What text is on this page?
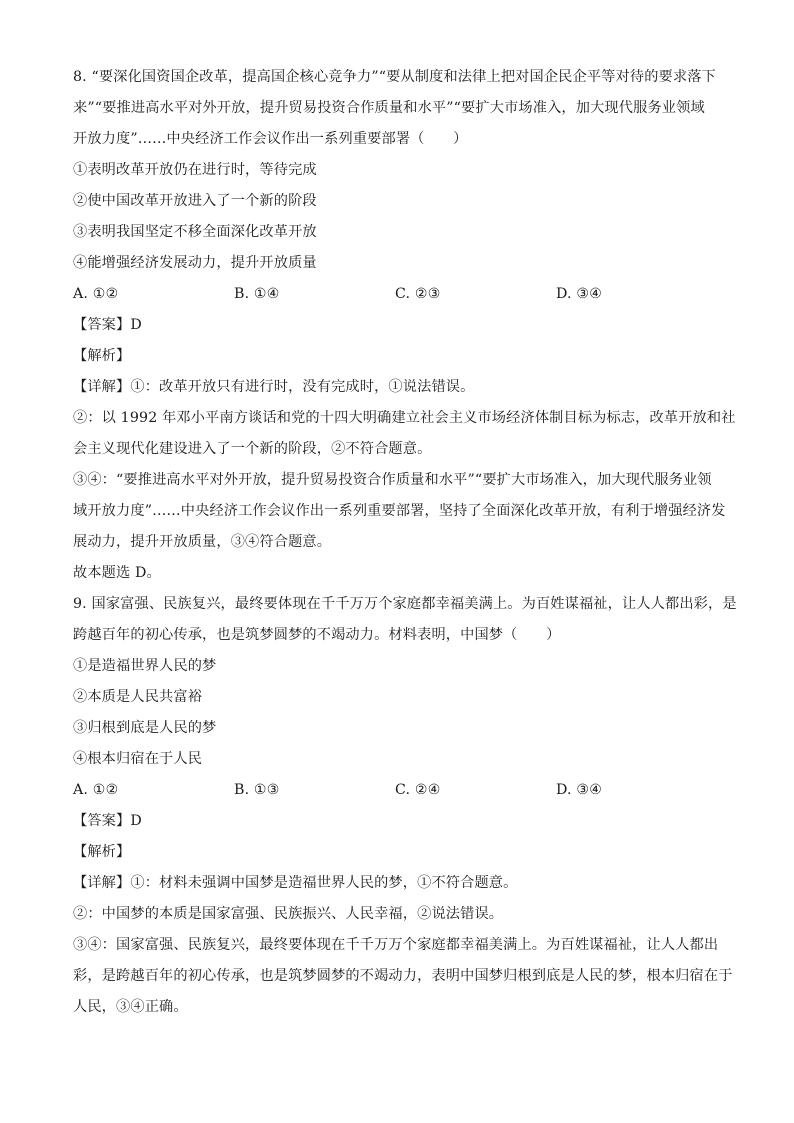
8. “要深化国资国企改革，提高国企核心竞争力”“要从制度和法律上把对国企民企平等对待的要求落下
来”“要推进高水平对外开放，提升贸易投资合作质量和水平”“要扩大市场准入，加大现代服务业领域
开放力度”……中央经济工作会议作出一系列重要部署（　　）
①表明改革开放仍在进行时，等待完成
②使中国改革开放进入了一个新的阶段
③表明我国坚定不移全面深化改革开放
④能增强经济发展动力，提升开放质量
A. ①②	B. ①④	C. ②③	D. ③④
【答案】D
【解析】
【详解】①：改革开放只有进行时，没有完成时，①说法错误。
②：以 1992 年邓小平南方谈话和党的十四大明确建立社会主义市场经济体制目标为标志，改革开放和社
会主义现代化建设进入了一个新的阶段，②不符合题意。
③④：“要推进高水平对外开放，提升贸易投资合作质量和水平”“要扩大市场准入，加大现代服务业领
域开放力度”……中央经济工作会议作出一系列重要部署，坚持了全面深化改革开放，有利于增强经济发
展动力，提升开放质量，③④符合题意。
故本题选 D。
9. 国家富强、民族复兴，最终要体现在千千万万个家庭都幸福美满上。为百姓谋福祉，让人人都出彩，是
跨越百年的初心传承，也是筑梦圆梦的不竭动力。材料表明，中国梦（　　）
①是造福世界人民的梦
②本质是人民共富裕
③归根到底是人民的梦
④根本归宿在于人民
A. ①②	B. ①③	C. ②④	D. ③④
【答案】D
【解析】
【详解】①：材料未强调中国梦是造福世界人民的梦，①不符合题意。
②：中国梦的本质是国家富强、民族振兴、人民幸福，②说法错误。
③④：国家富强、民族复兴，最终要体现在千千万万个家庭都幸福美满上。为百姓谋福祉，让人人都出
彩，是跨越百年的初心传承，也是筑梦圆梦的不竭动力，表明中国梦归根到底是人民的梦，根本归宿在于
人民，③④正确。
